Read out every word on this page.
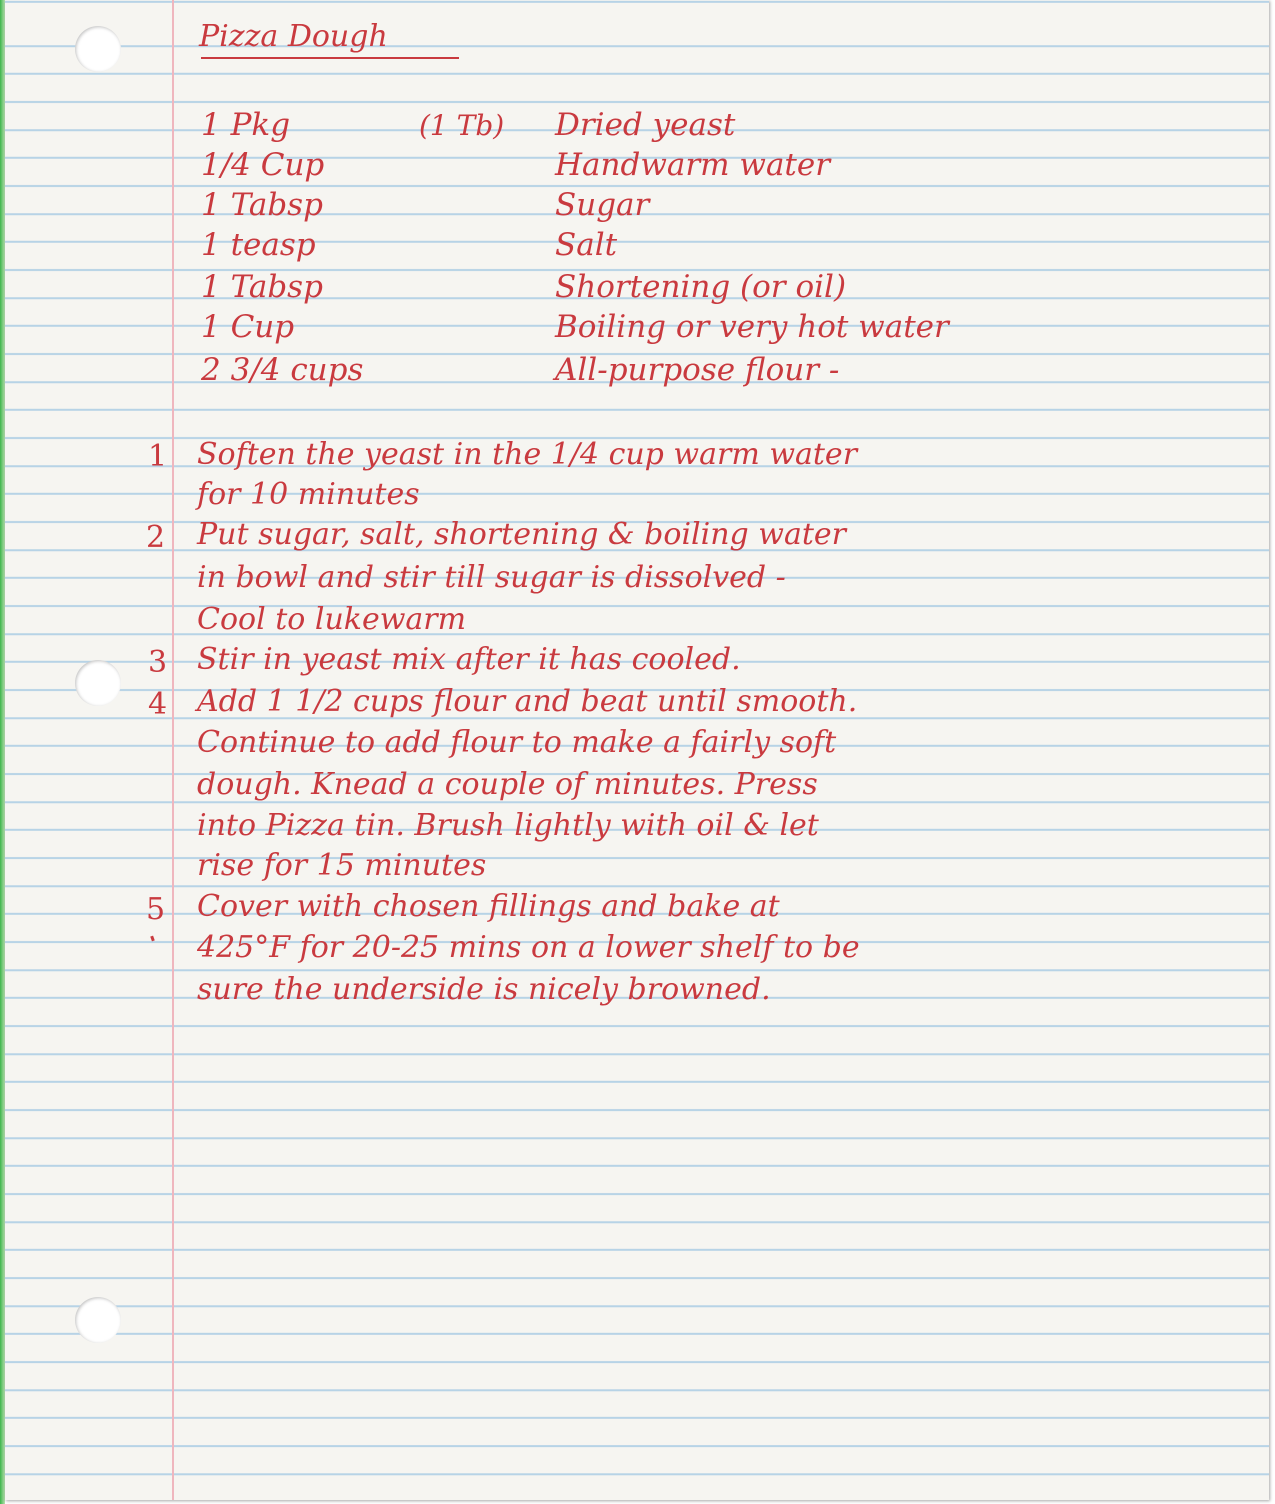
Pizza Dough
1 Pkg	(1 Tb) Dried yeast
1/4 Cup	Handwarm water
1 Tabsp	Sugar
1 teasp	Salt
1 Tabsp	Shortening (or oil)
1 Cup	Boiling or very hot water
2 3/4 cups	All-purpose flour -
1 Soften the yeast in the 1/4 cup warm water
for 10 minutes
2 Put sugar, salt, shortening & boiling water
in bowl and stir till sugar is dissolved -
Cool to lukewarm
3 Stir in yeast mix after it has cooled.
4 Add 1 1/2 cups flour and beat until smooth.
Continue to add flour to make a fairly soft
dough. Knead a couple of minutes. Press
into Pizza tin. Brush lightly with oil & let
rise for 15 minutes
5 Cover with chosen fillings and bake at
425°F for 20-25 mins on a lower shelf to be
sure the underside is nicely browned.
